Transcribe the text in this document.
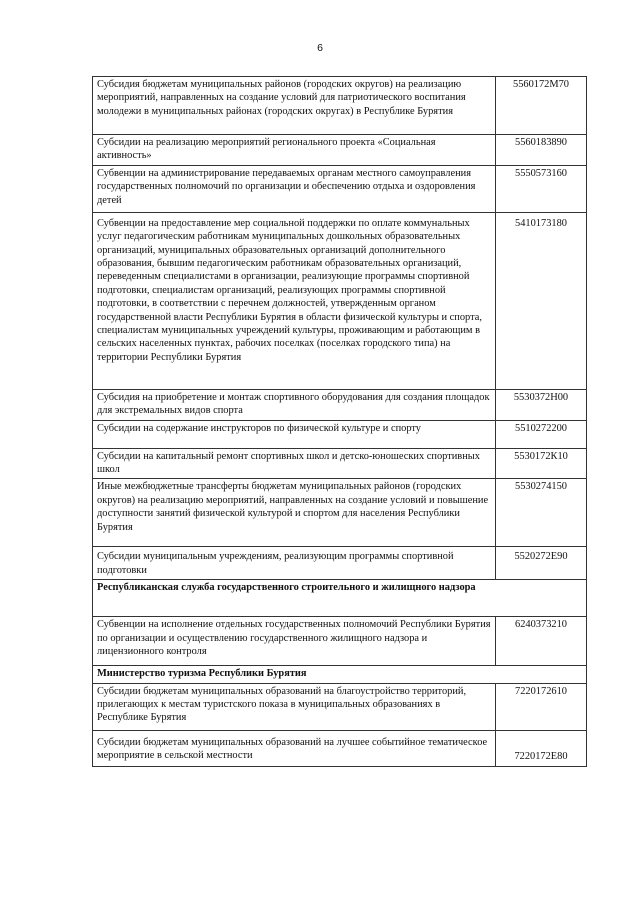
6
Субсидия бюджетам муниципальных районов (городских округов) на реализацию мероприятий, направленных на создание условий для патриотического воспитания молодежи в муниципальных районах (городских округах) в Республике Бурятия	5560172М70
Субсидии на реализацию мероприятий регионального проекта «Социальная активность»	5560183890
Субвенции на администрирование передаваемых органам местного самоуправления государственных полномочий по организации и обеспечению отдыха и оздоровления детей	5550573160
Субвенции на предоставление мер социальной поддержки по оплате коммунальных услуг педагогическим работникам муниципальных дошкольных образовательных организаций, муниципальных образовательных организаций дополнительного образования, бывшим педагогическим работникам образовательных организаций, переведенным специалистами в организации, реализующие программы спортивной подготовки, специалистам организаций, реализующих программы спортивной подготовки, в соответствии с перечнем должностей, утвержденным органом государственной власти Республики Бурятия в области физической культуры и спорта, специалистам муниципальных учреждений культуры, проживающим и работающим в сельских населенных пунктах, рабочих поселках (поселках городского типа) на территории Республики Бурятия	5410173180
Субсидия на приобретение и монтаж спортивного оборудования для создания площадок для экстремальных видов спорта	5530372Н00
Субсидии на содержание инструкторов по физической культуре и спорту	5510272200
Субсидии на капитальный ремонт спортивных школ и детско-юношеских спортивных школ	5530172К10
Иные межбюджетные трансферты бюджетам муниципальных районов (городских округов) на реализацию мероприятий, направленных на создание условий и повышение доступности занятий физической культурой и спортом для населения Республики Бурятия	5530274150
Субсидии муниципальным учреждениям, реализующим программы спортивной подготовки	5520272Е90
Республиканская служба государственного строительного и жилищного надзора	
Субвенции на исполнение отдельных государственных полномочий Республики Бурятия по организации и осуществлению государственного жилищного надзора и лицензионного контроля	6240373210
Министерство туризма Республики Бурятия	
Субсидии бюджетам муниципальных образований на благоустройство территорий, прилегающих к местам туристского показа в муниципальных образованиях в Республике Бурятия	7220172610
Субсидии бюджетам муниципальных образований на лучшее событийное тематическое мероприятие в сельской местности	7220172Е80
